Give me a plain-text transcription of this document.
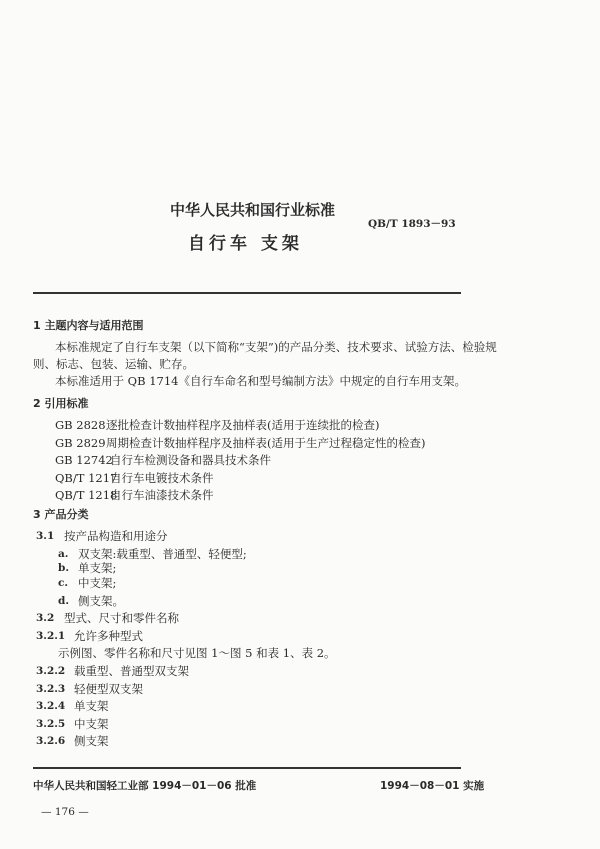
中华人民共和国行业标准
QB/T 1893－93
自行车 支架
1 主题内容与适用范围
本标准规定了自行车支架（以下简称“支架”)的产品分类、技术要求、试验方法、检验规
则、标志、包装、运输、贮存。
本标准适用于 QB 1714《自行车命名和型号编制方法》中规定的自行车用支架。
2 引用标准
GB 2828 逐批检查计数抽样程序及抽样表(适用于连续批的检查)
GB 2829 周期检查计数抽样程序及抽样表(适用于生产过程稳定性的检查)
GB 12742
自行车检测设备和器具技术条件
QB/T 1217
自行车电镀技术条件
QB/T 1218
自行车油漆技术条件
3 产品分类
3.1 按产品构造和用途分
a. 双支架:载重型、普通型、轻便型;
b. 单支架;
c. 中支架;
d. 侧支架。
3.2 型式、尺寸和零件名称
3.2.1 允许多种型式
示例图、零件名称和尺寸见图 1～图 5 和表 1、表 2。
3.2.2 载重型、普通型双支架
3.2.3 轻便型双支架
3.2.4 单支架
3.2.5 中支架
3.2.6 侧支架
中华人民共和国轻工业部 1994－01－06 批准	1994－08－01 实施
— 176 —
